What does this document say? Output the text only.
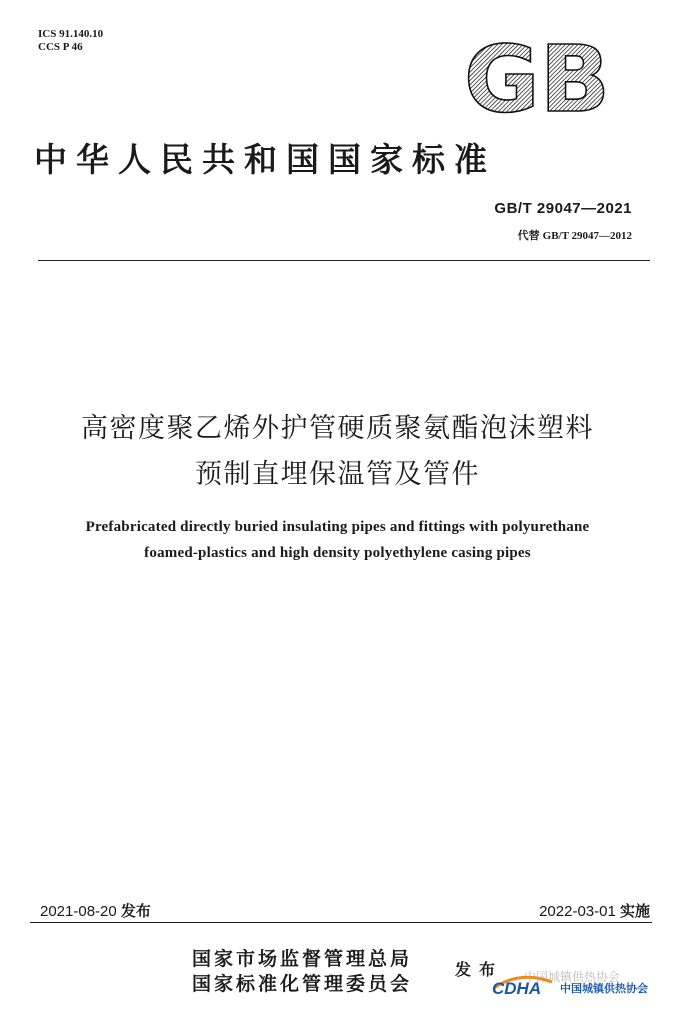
ICS 91.140.10
CCS P 46	GB
中华人民共和国国家标准
GB/T 29047—2021
代替 GB/T 29047—2012
高密度聚乙烯外护管硬质聚氨酯泡沫塑料
预制直埋保温管及管件
Prefabricated directly buried insulating pipes and fittings with polyurethane
foamed-plastics and high density polyethylene casing pipes
2021-08-20 发布	2022-03-01 实施
国家市场监督管理总局
国家标准化管理委员会
发布 中国城镇供热协会
CDHA 中国城镇供热协会
